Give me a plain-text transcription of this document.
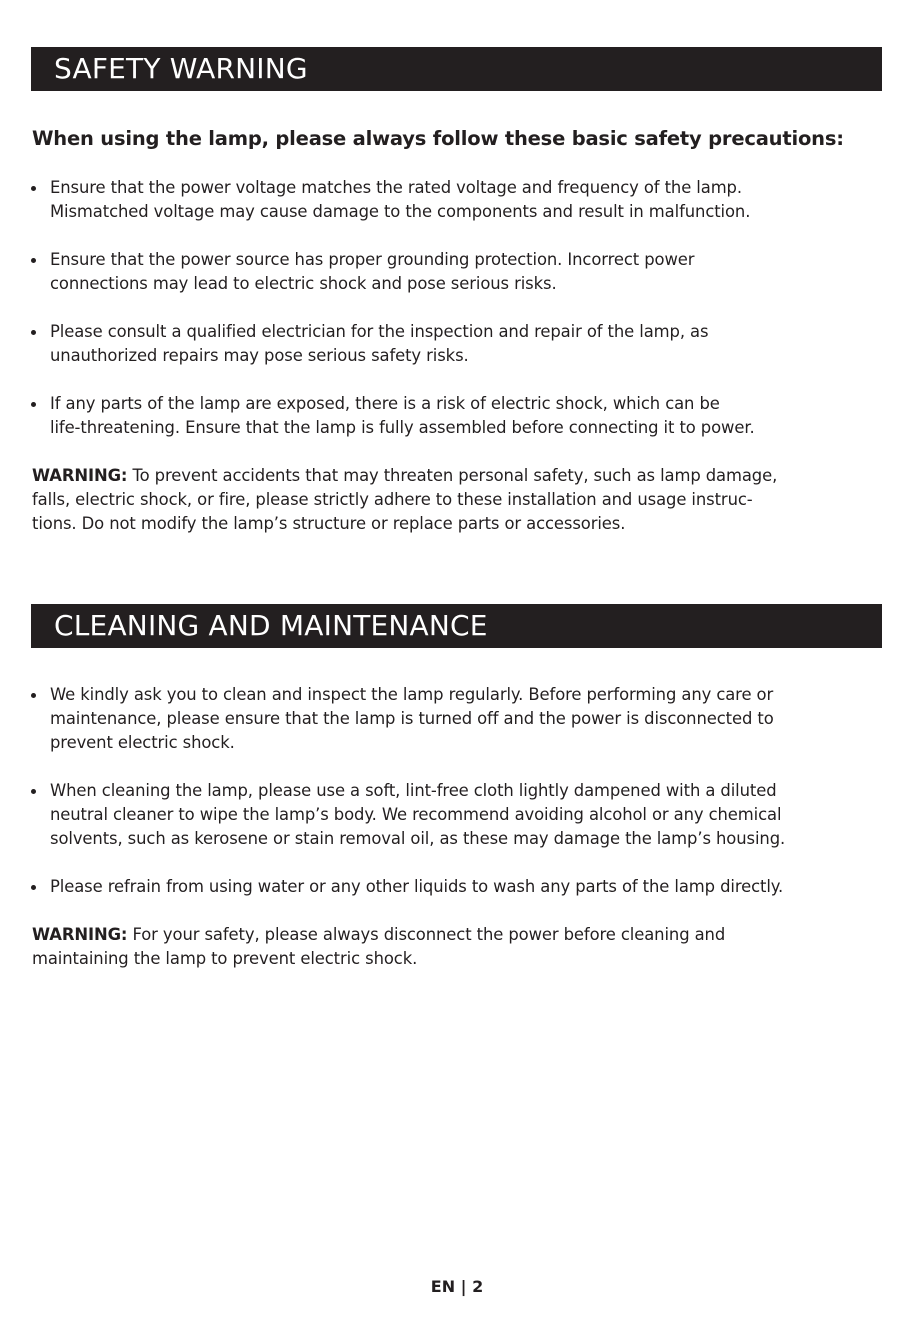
SAFETY WARNING
When using the lamp, please always follow these basic safety precautions:
Ensure that the power voltage matches the rated voltage and frequency of the lamp.
Mismatched voltage may cause damage to the components and result in malfunction.
Ensure that the power source has proper grounding protection. Incorrect power
connections may lead to electric shock and pose serious risks.
Please consult a qualified electrician for the inspection and repair of the lamp, as
unauthorized repairs may pose serious safety risks.
If any parts of the lamp are exposed, there is a risk of electric shock, which can be
life-threatening. Ensure that the lamp is fully assembled before connecting it to power.
WARNING: To prevent accidents that may threaten personal safety, such as lamp damage,
falls, electric shock, or fire, please strictly adhere to these installation and usage instruc-
tions. Do not modify the lamp’s structure or replace parts or accessories.
CLEANING AND MAINTENANCE
We kindly ask you to clean and inspect the lamp regularly. Before performing any care or
maintenance, please ensure that the lamp is turned off and the power is disconnected to
prevent electric shock.
When cleaning the lamp, please use a soft, lint-free cloth lightly dampened with a diluted
neutral cleaner to wipe the lamp’s body. We recommend avoiding alcohol or any chemical
solvents, such as kerosene or stain removal oil, as these may damage the lamp’s housing.
Please refrain from using water or any other liquids to wash any parts of the lamp directly.
WARNING: For your safety, please always disconnect the power before cleaning and
maintaining the lamp to prevent electric shock.
EN | 2
